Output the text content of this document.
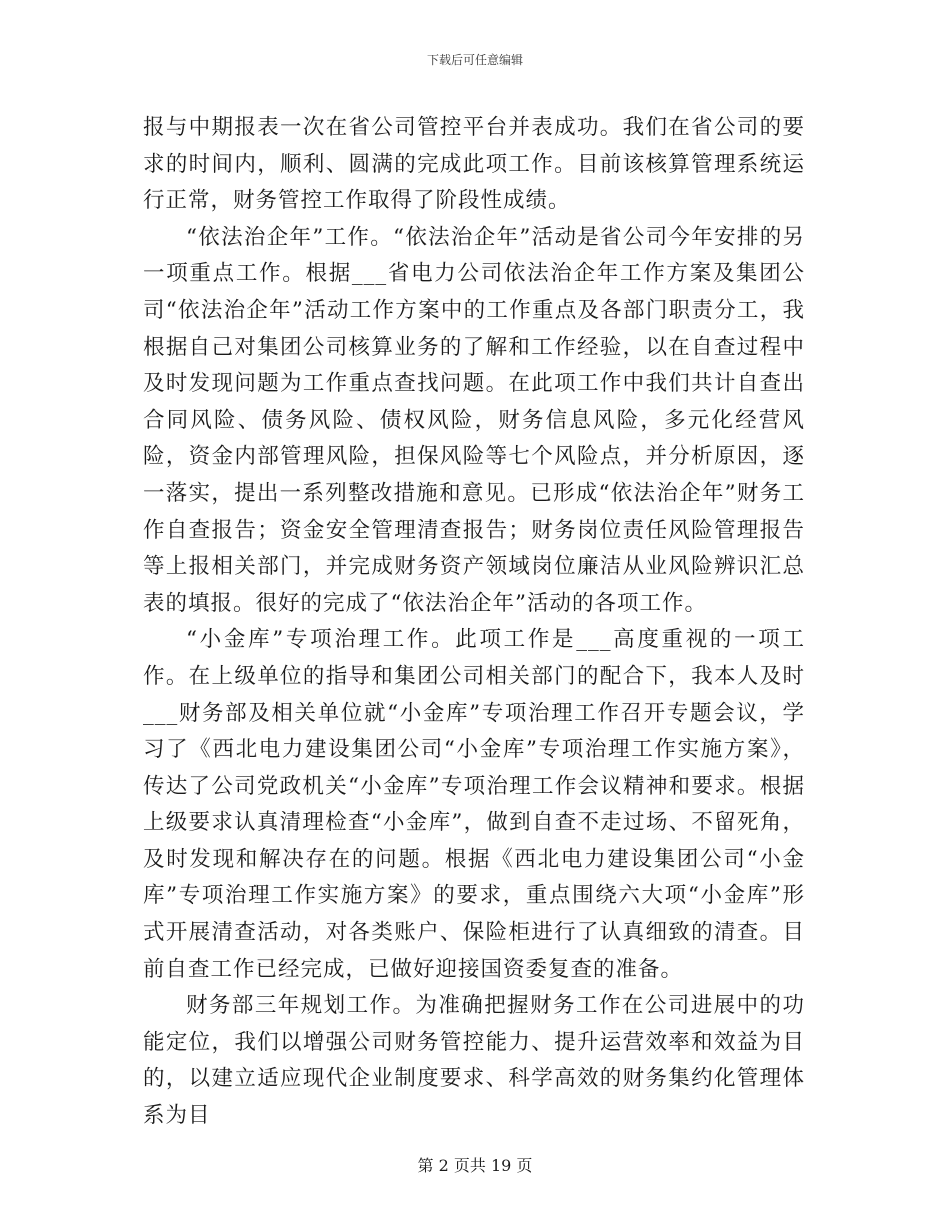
下载后可任意编辑

报与中期报表一次在省公司管控平台并表成功。我们在省公司的要求的时间内，顺利、圆满的完成此项工作。目前该核算管理系统运行正常，财务管控工作取得了阶段性成绩。

“依法治企年”工作。“依法治企年”活动是省公司今年安排的另一项重点工作。根据___省电力公司依法治企年工作方案及集团公司“依法治企年”活动工作方案中的工作重点及各部门职责分工，我根据自己对集团公司核算业务的了解和工作经验，以在自查过程中及时发现问题为工作重点查找问题。在此项工作中我们共计自查出合同风险、债务风险、债权风险，财务信息风险，多元化经营风险，资金内部管理风险，担保风险等七个风险点，并分析原因，逐一落实，提出一系列整改措施和意见。已形成“依法治企年”财务工作自查报告；资金安全管理清查报告；财务岗位责任风险管理报告等上报相关部门，并完成财务资产领域岗位廉洁从业风险辨识汇总表的填报。很好的完成了“依法治企年”活动的各项工作。

“小金库”专项治理工作。此项工作是___高度重视的一项工作。在上级单位的指导和集团公司相关部门的配合下，我本人及时___财务部及相关单位就“小金库”专项治理工作召开专题会议，学习了《西北电力建设集团公司“小金库”专项治理工作实施方案》，传达了公司党政机关“小金库”专项治理工作会议精神和要求。根据上级要求认真清理检查“小金库”，做到自查不走过场、不留死角，及时发现和解决存在的问题。根据《西北电力建设集团公司“小金库”专项治理工作实施方案》的要求，重点围绕六大项“小金库”形式开展清查活动，对各类账户、保险柜进行了认真细致的清查。目前自查工作已经完成，已做好迎接国资委复查的准备。

财务部三年规划工作。为准确把握财务工作在公司进展中的功能定位，我们以增强公司财务管控能力、提升运营效率和效益为目的，以建立适应现代企业制度要求、科学高效的财务集约化管理体系为目

第 2 页共 19 页
